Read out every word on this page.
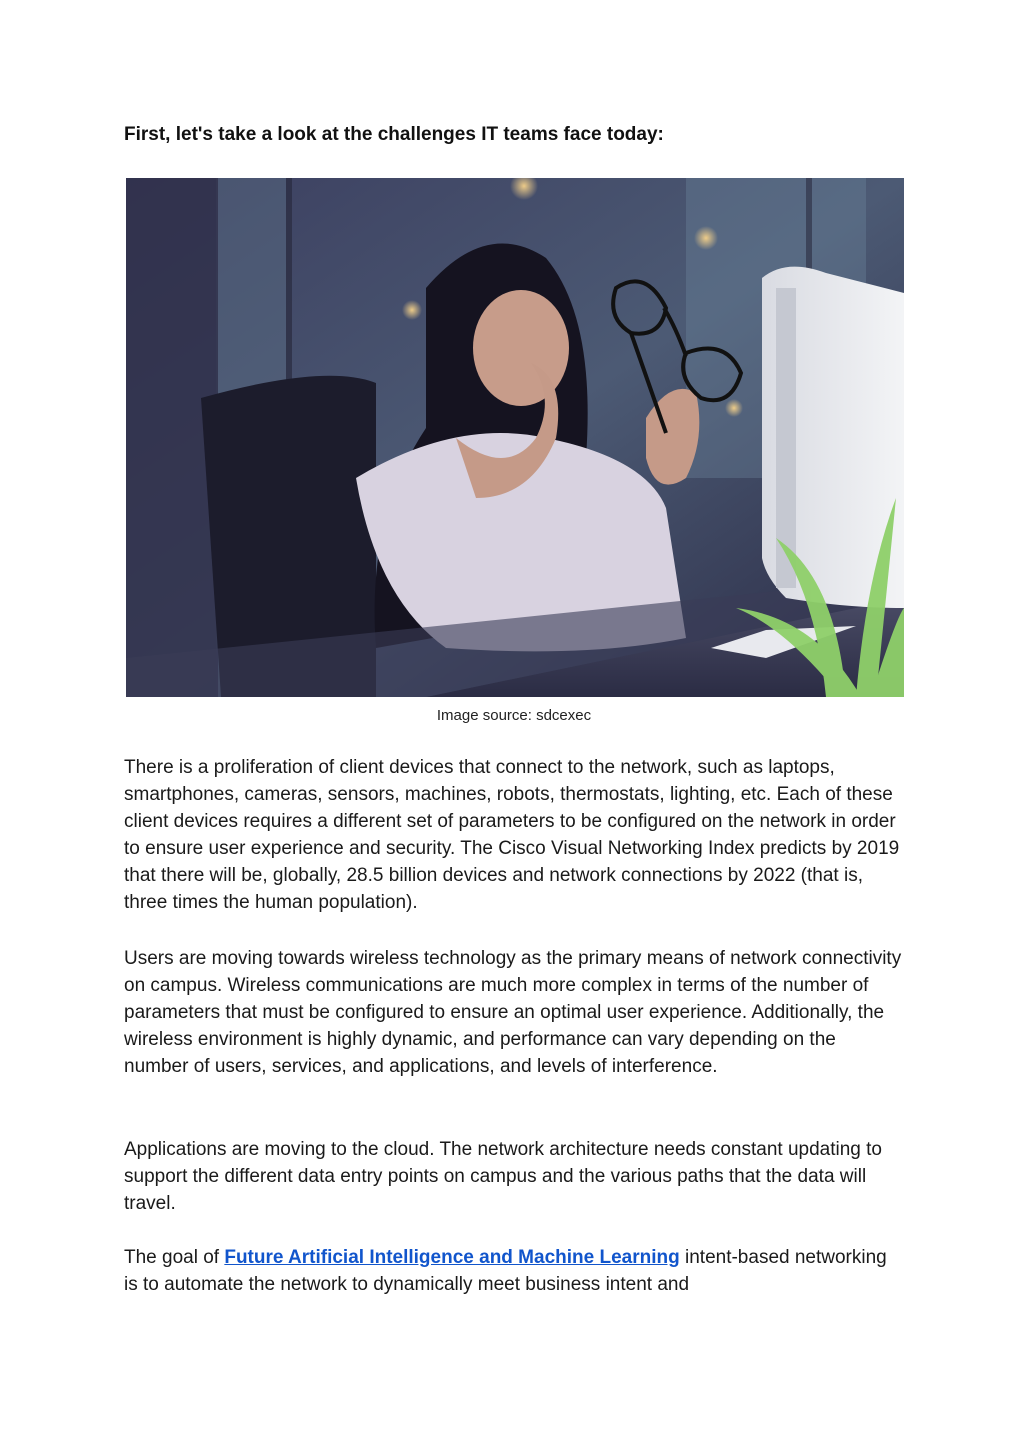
First, let's take a look at the challenges IT teams face today:
Image source: sdcexec
There is a proliferation of client devices that connect to the network, such as laptops, smartphones, cameras, sensors, machines, robots, thermostats, lighting, etc. Each of these client devices requires a different set of parameters to be configured on the network in order to ensure user experience and security. The Cisco Visual Networking Index predicts by 2019 that there will be, globally, 28.5 billion devices and network connections by 2022 (that is, three times the human population).
Users are moving towards wireless technology as the primary means of network connectivity on campus. Wireless communications are much more complex in terms of the number of parameters that must be configured to ensure an optimal user experience. Additionally, the wireless environment is highly dynamic, and performance can vary depending on the number of users, services, and applications, and levels of interference.
Applications are moving to the cloud. The network architecture needs constant updating to support the different data entry points on campus and the various paths that the data will travel.
The goal of Future Artificial Intelligence and Machine Learning intent-based networking is to automate the network to dynamically meet business intent and
